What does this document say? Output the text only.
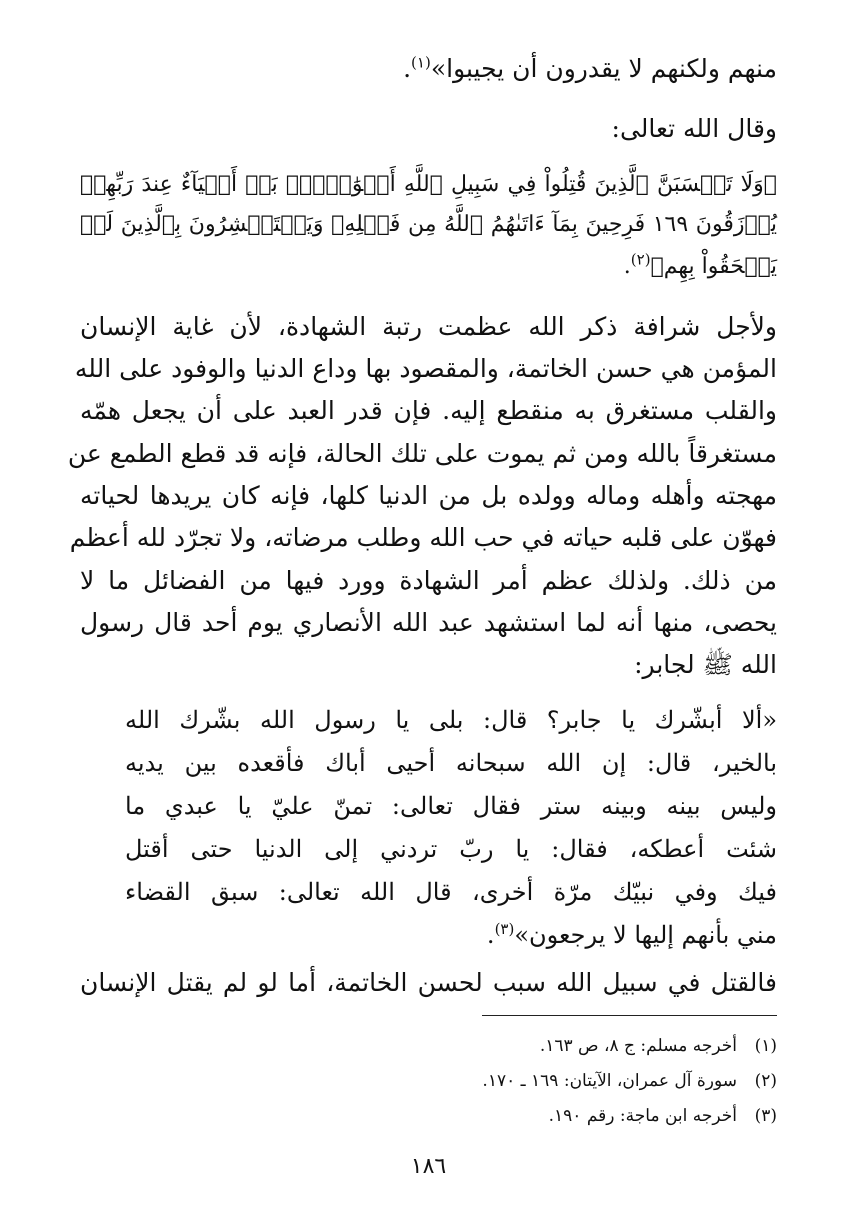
منهم ولكنهم لا يقدرون أن يجيبوا»$^{(١)}$.
وقال الله تعالى:
﴿وَلَا تَحۡسَبَنَّ ٱلَّذِينَ قُتِلُواْ فِي سَبِيلِ ٱللَّهِ أَمۡوَٰتَۢاۚ بَلۡ أَحۡيَآءٌ عِندَ رَبِّهِمۡ
يُرۡزَقُونَ ١٦٩ فَرِحِينَ بِمَآ ءَاتَىٰهُمُ ٱللَّهُ مِن فَضۡلِهِۦ وَيَسۡتَبۡشِرُونَ بِٱلَّذِينَ لَمۡ
يَلۡحَقُواْ بِهِم﴾$^{(٢)}$.
ولأجل شرافة ذكر الله عظمت رتبة الشهادة، لأن غاية الإنسان
المؤمن هي حسن الخاتمة، والمقصود بها وداع الدنيا والوفود على الله
والقلب مستغرق به منقطع إليه. فإن قدر العبد على أن يجعل همّه
مستغرقاً بالله ومن ثم يموت على تلك الحالة، فإنه قد قطع الطمع عن
مهجته وأهله وماله وولده بل من الدنيا كلها، فإنه كان يريدها لحياته
فهوّن على قلبه حياته في حب الله وطلب مرضاته، ولا تجرّد لله أعظم
من ذلك. ولذلك عظم أمر الشهادة وورد فيها من الفضائل ما لا
يحصى، منها أنه لما استشهد عبد الله الأنصاري يوم أحد قال رسول
الله ﷺ لجابر:
«ألا أبشّرك يا جابر؟ قال: بلى يا رسول الله بشّرك الله
بالخير، قال: إن الله سبحانه أحيى أباك فأقعده بين يديه
وليس بينه وبينه ستر فقال تعالى: تمنّ عليّ يا عبدي ما
شئت أعطكه، فقال: يا ربّ تردني إلى الدنيا حتى أقتل
فيك وفي نبيّك مرّة أخرى، قال الله تعالى: سبق القضاء
مني بأنهم إليها لا يرجعون»$^{(٣)}$.
فالقتل في سبيل الله سبب لحسن الخاتمة، أما لو لم يقتل الإنسان
(١)أخرجه مسلم: ج ٨، ص ١٦٣.
(٢)سورة آل عمران، الآيتان: ١٦٩ ـ ١٧٠.
(٣)أخرجه ابن ماجة: رقم ١٩٠.
١٨٦
